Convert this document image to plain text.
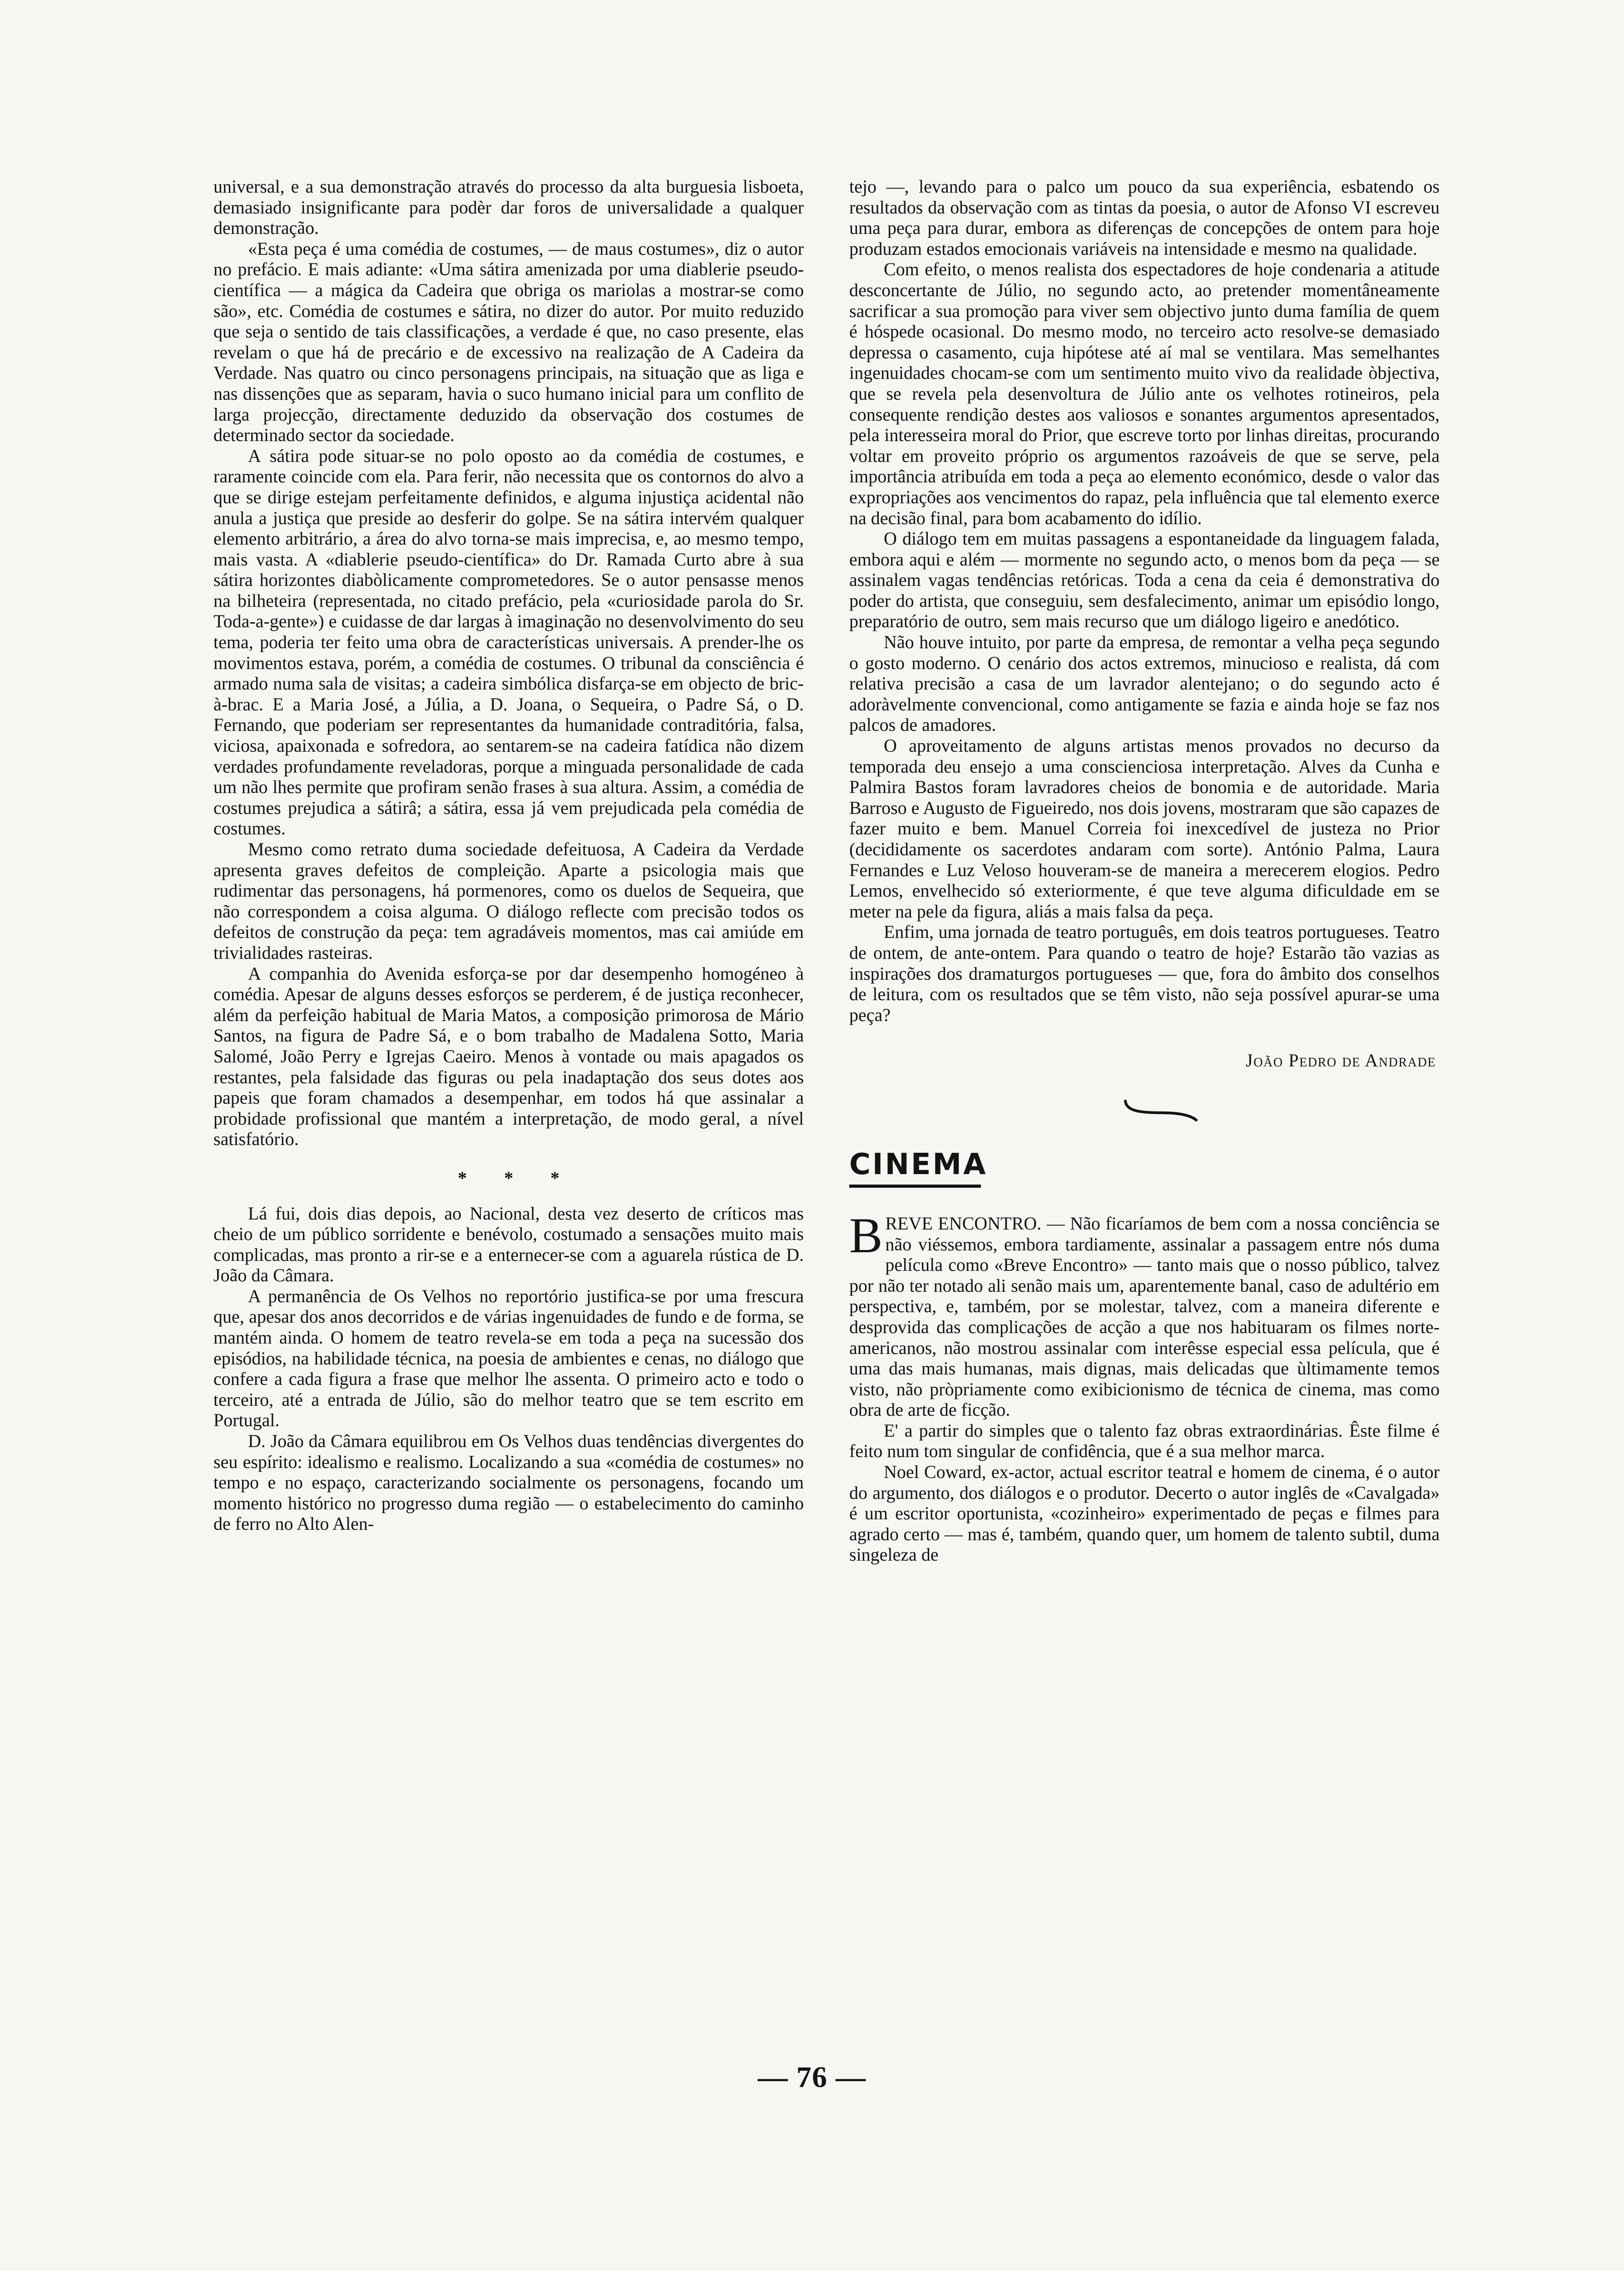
universal, e a sua demonstração através do processo da alta burguesia lisboeta, demasiado insignificante para podèr dar foros de universalidade a qualquer demonstração.

«Esta peça é uma comédia de costumes, — de maus costumes», diz o autor no prefácio. E mais adiante: «Uma sátira amenizada por uma diablerie pseudo-científica — a mágica da Cadeira que obriga os mariolas a mostrar-se como são», etc. Comédia de costumes e sátira, no dizer do autor. Por muito reduzido que seja o sentido de tais classificações, a verdade é que, no caso presente, elas revelam o que há de precário e de excessivo na realização de A Cadeira da Verdade. Nas quatro ou cinco personagens principais, na situação que as liga e nas dissenções que as separam, havia o suco humano inicial para um conflito de larga projecção, directamente deduzido da observação dos costumes de determinado sector da sociedade.

A sátira pode situar-se no polo oposto ao da comédia de costumes, e raramente coincide com ela. Para ferir, não necessita que os contornos do alvo a que se dirige estejam perfeitamente definidos, e alguma injustiça acidental não anula a justiça que preside ao desferir do golpe. Se na sátira intervém qualquer elemento arbitrário, a área do alvo torna-se mais imprecisa, e, ao mesmo tempo, mais vasta. A «diablerie pseudo-científica» do Dr. Ramada Curto abre à sua sátira horizontes diabòlicamente comprometedores. Se o autor pensasse menos na bilheteira (representada, no citado prefácio, pela «curiosidade parola do Sr. Toda-a-gente») e cuidasse de dar largas à imaginação no desenvolvimento do seu tema, poderia ter feito uma obra de características universais. A prender-lhe os movimentos estava, porém, a comédia de costumes. O tribunal da consciência é armado numa sala de visitas; a cadeira simbólica disfarça-se em objecto de bric-à-brac. E a Maria José, a Júlia, a D. Joana, o Sequeira, o Padre Sá, o D. Fernando, que poderiam ser representantes da humanidade contraditória, falsa, viciosa, apaixonada e sofredora, ao sentarem-se na cadeira fatídica não dizem verdades profundamente reveladoras, porque a minguada personalidade de cada um não lhes permite que profiram senão frases à sua altura. Assim, a comédia de costumes prejudica a sátirâ; a sátira, essa já vem prejudicada pela comédia de costumes.

Mesmo como retrato duma sociedade defeituosa, A Cadeira da Verdade apresenta graves defeitos de compleição. Aparte a psicologia mais que rudimentar das personagens, há pormenores, como os duelos de Sequeira, que não correspondem a coisa alguma. O diálogo reflecte com precisão todos os defeitos de construção da peça: tem agradáveis momentos, mas cai amiúde em trivialidades rasteiras.

A companhia do Avenida esforça-se por dar desempenho homogéneo à comédia. Apesar de alguns desses esforços se perderem, é de justiça reconhecer, além da perfeição habitual de Maria Matos, a composição primorosa de Mário Santos, na figura de Padre Sá, e o bom trabalho de Madalena Sotto, Maria Salomé, João Perry e Igrejas Caeiro. Menos à vontade ou mais apagados os restantes, pela falsidade das figuras ou pela inadaptação dos seus dotes aos papeis que foram chamados a desempenhar, em todos há que assinalar a probidade profissional que mantém a interpretação, de modo geral, a nível satisfatório.

* * *

Lá fui, dois dias depois, ao Nacional, desta vez deserto de críticos mas cheio de um público sorridente e benévolo, costumado a sensações muito mais complicadas, mas pronto a rir-se e a enternecer-se com a aguarela rústica de D. João da Câmara.

A permanência de Os Velhos no reportório justifica-se por uma frescura que, apesar dos anos decorridos e de várias ingenuidades de fundo e de forma, se mantém ainda. O homem de teatro revela-se em toda a peça na sucessão dos episódios, na habilidade técnica, na poesia de ambientes e cenas, no diálogo que confere a cada figura a frase que melhor lhe assenta. O primeiro acto e todo o terceiro, até a entrada de Júlio, são do melhor teatro que se tem escrito em Portugal.

D. João da Câmara equilibrou em Os Velhos duas tendências divergentes do seu espírito: idealismo e realismo. Localizando a sua «comédia de costumes» no tempo e no espaço, caracterizando socialmente os personagens, focando um momento histórico no progresso duma região — o estabelecimento do caminho de ferro no Alto Alen-

tejo —, levando para o palco um pouco da sua experiência, esbatendo os resultados da observação com as tintas da poesia, o autor de Afonso VI escreveu uma peça para durar, embora as diferenças de concepções de ontem para hoje produzam estados emocionais variáveis na intensidade e mesmo na qualidade.

Com efeito, o menos realista dos espectadores de hoje condenaria a atitude desconcertante de Júlio, no segundo acto, ao pretender momentâneamente sacrificar a sua promoção para viver sem objectivo junto duma família de quem é hóspede ocasional. Do mesmo modo, no terceiro acto resolve-se demasiado depressa o casamento, cuja hipótese até aí mal se ventilara. Mas semelhantes ingenuidades chocam-se com um sentimento muito vivo da realidade òbjectiva, que se revela pela desenvoltura de Júlio ante os velhotes rotineiros, pela consequente rendição destes aos valiosos e sonantes argumentos apresentados, pela interesseira moral do Prior, que escreve torto por linhas direitas, procurando voltar em proveito próprio os argumentos razoáveis de que se serve, pela importância atribuída em toda a peça ao elemento económico, desde o valor das expropriações aos vencimentos do rapaz, pela influência que tal elemento exerce na decisão final, para bom acabamento do idílio.

O diálogo tem em muitas passagens a espontaneidade da linguagem falada, embora aqui e além — mormente no segundo acto, o menos bom da peça — se assinalem vagas tendências retóricas. Toda a cena da ceia é demonstrativa do poder do artista, que conseguiu, sem desfalecimento, animar um episódio longo, preparatório de outro, sem mais recurso que um diálogo ligeiro e anedótico.

Não houve intuito, por parte da empresa, de remontar a velha peça segundo o gosto moderno. O cenário dos actos extremos, minucioso e realista, dá com relativa precisão a casa de um lavrador alentejano; o do segundo acto é adoràvelmente convencional, como antigamente se fazia e ainda hoje se faz nos palcos de amadores.

O aproveitamento de alguns artistas menos provados no decurso da temporada deu ensejo a uma conscienciosa interpretação. Alves da Cunha e Palmira Bastos foram lavradores cheios de bonomia e de autoridade. Maria Barroso e Augusto de Figueiredo, nos dois jovens, mostraram que são capazes de fazer muito e bem. Manuel Correia foi inexcedível de justeza no Prior (decididamente os sacerdotes andaram com sorte). António Palma, Laura Fernandes e Luz Veloso houveram-se de maneira a merecerem elogios. Pedro Lemos, envelhecido só exteriormente, é que teve alguma dificuldade em se meter na pele da figura, aliás a mais falsa da peça.

Enfim, uma jornada de teatro português, em dois teatros portugueses. Teatro de ontem, de ante-ontem. Para quando o teatro de hoje? Estarão tão vazias as inspirações dos dramaturgos portugueses — que, fora do âmbito dos conselhos de leitura, com os resultados que se têm visto, não seja possível apurar-se uma peça?

João Pedro de Andrade

CINEMA

BREVE ENCONTRO. — Não ficaríamos de bem com a nossa conciência se não viéssemos, embora tardiamente, assinalar a passagem entre nós duma película como «Breve Encontro» — tanto mais que o nosso público, talvez por não ter notado ali senão mais um, aparentemente banal, caso de adultério em perspectiva, e, também, por se molestar, talvez, com a maneira diferente e desprovida das complicações de acção a que nos habituaram os filmes norte-americanos, não mostrou assinalar com interêsse especial essa película, que é uma das mais humanas, mais dignas, mais delicadas que ùltimamente temos visto, não pròpriamente como exibicionismo de técnica de cinema, mas como obra de arte de ficção.

E' a partir do simples que o talento faz obras extraordinárias. Êste filme é feito num tom singular de confidência, que é a sua melhor marca.

Noel Coward, ex-actor, actual escritor teatral e homem de cinema, é o autor do argumento, dos diálogos e o produtor. Decerto o autor inglês de «Cavalgada» é um escritor oportunista, «cozinheiro» experimentado de peças e filmes para agrado certo — mas é, também, quando quer, um homem de talento subtil, duma singeleza de

— 76 —
